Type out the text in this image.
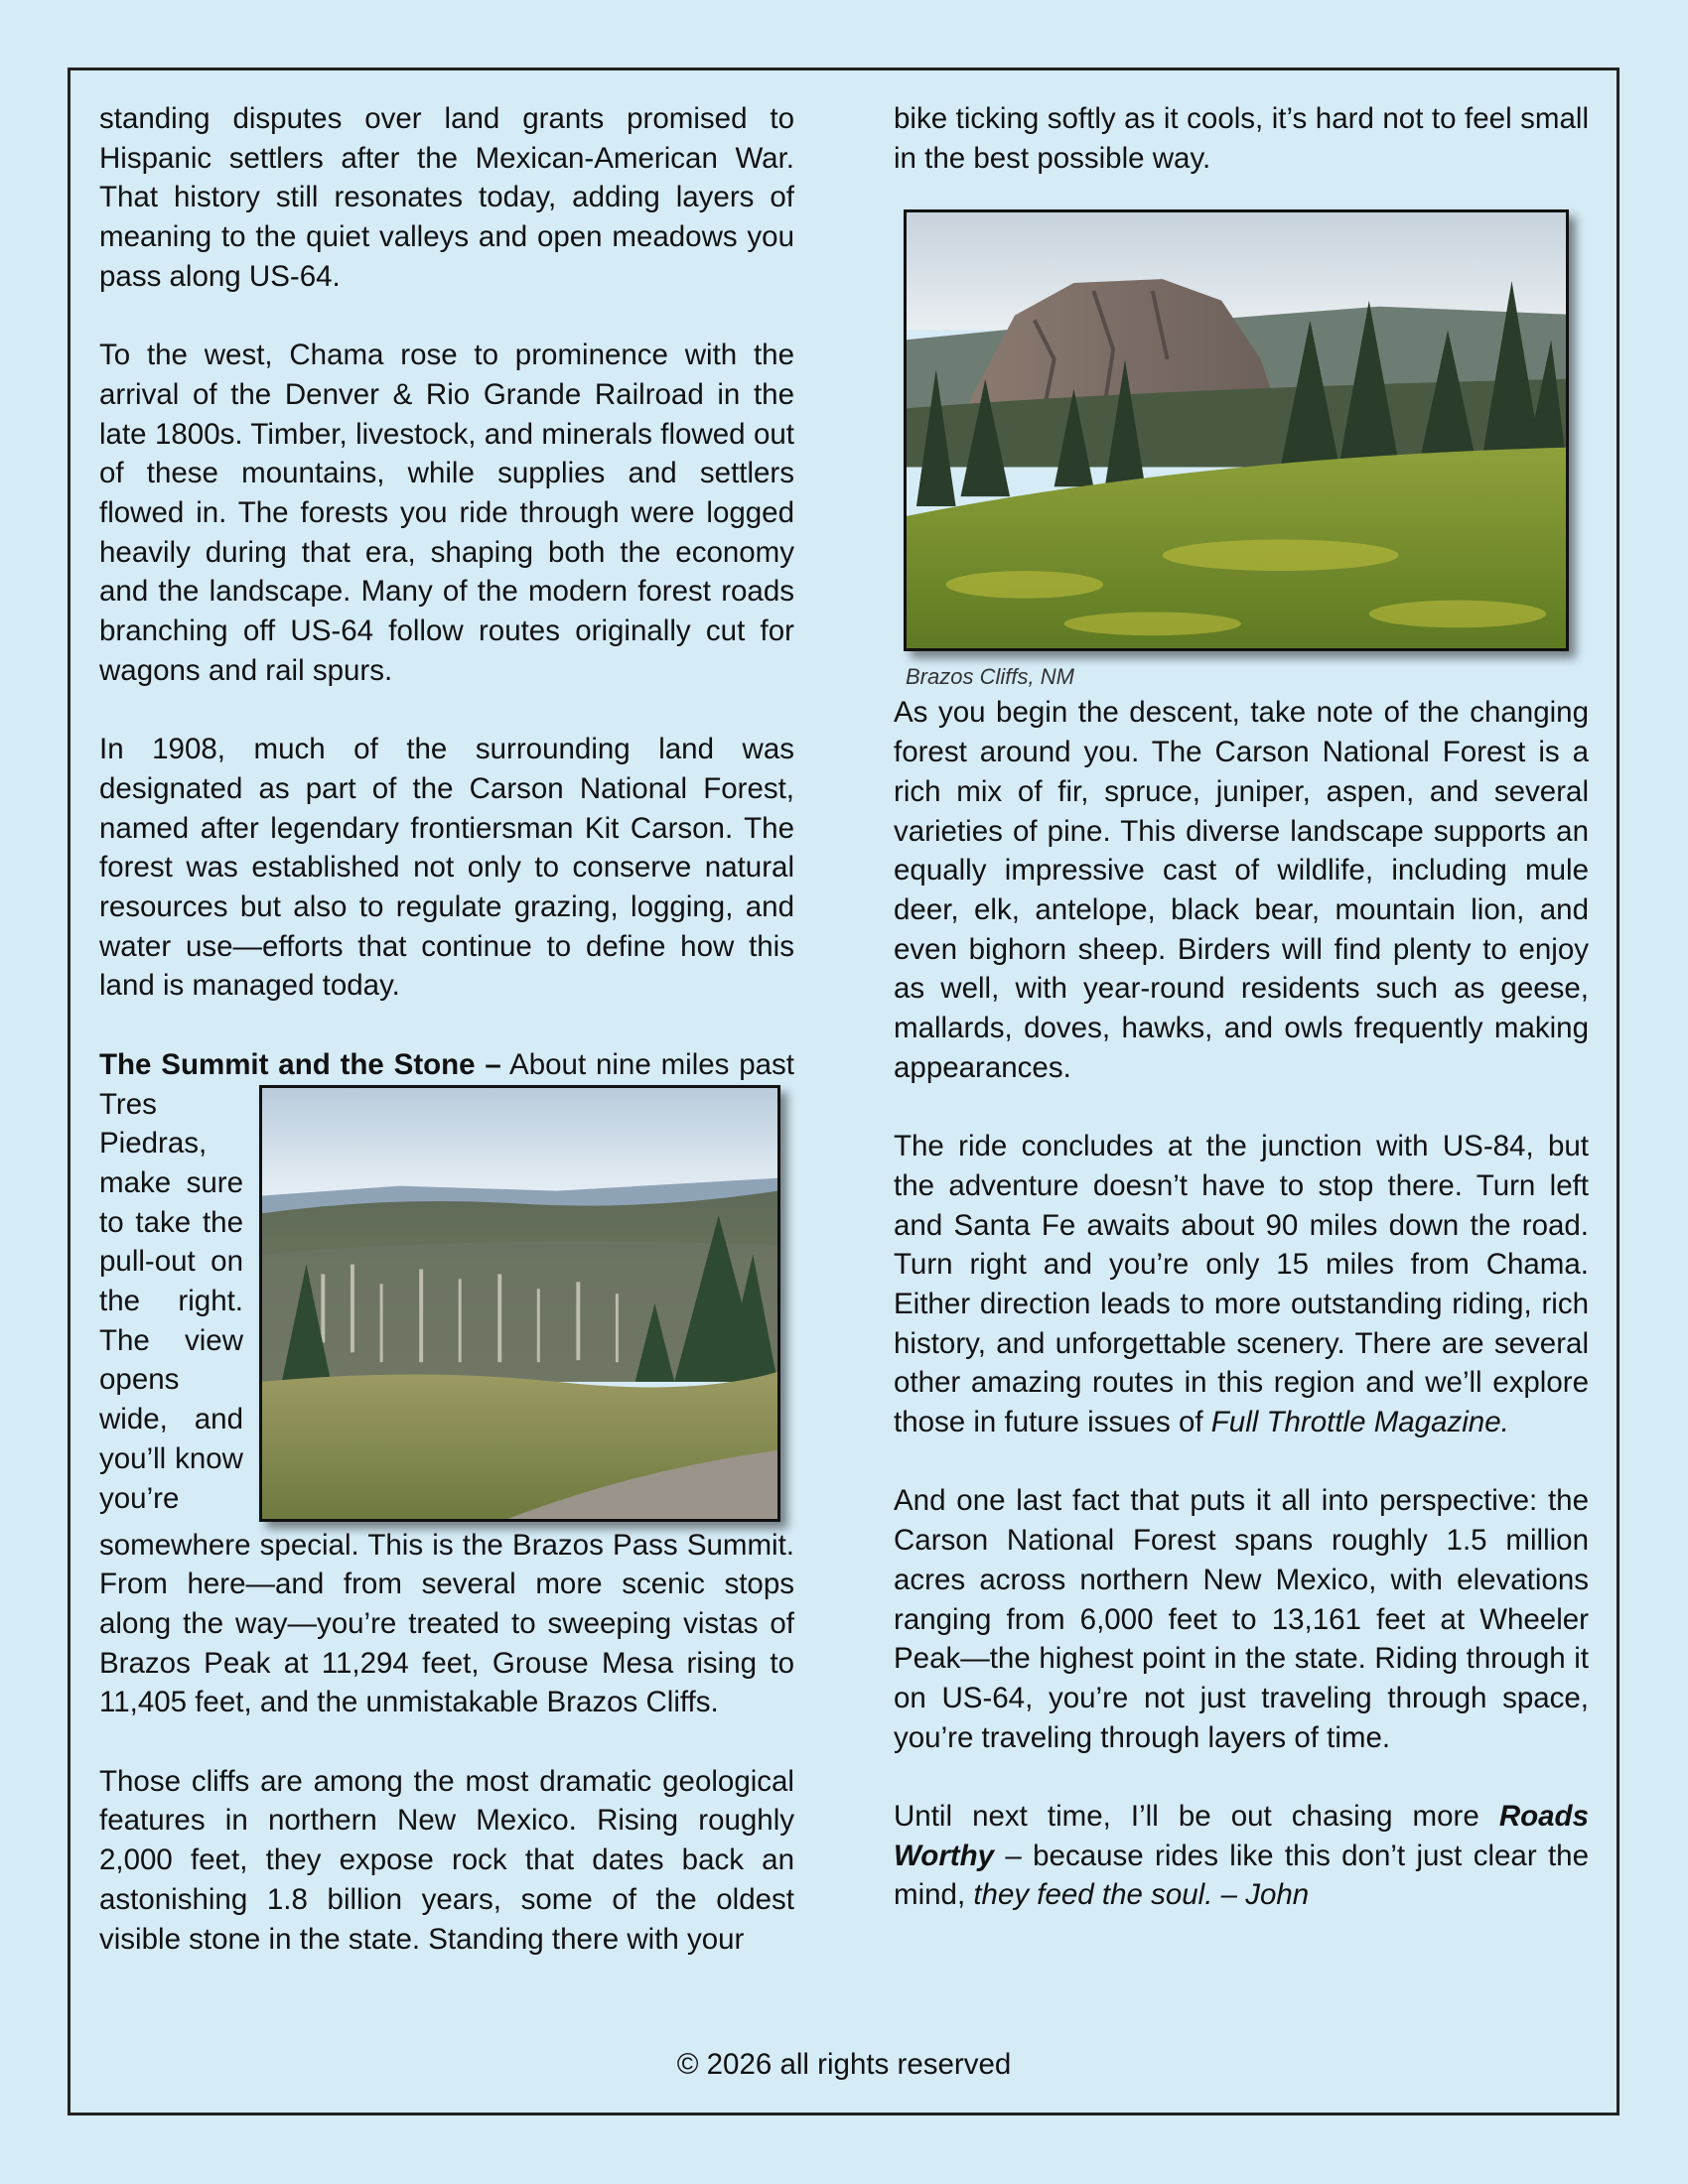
standing disputes over land grants promised to Hispanic settlers after the Mexican-American War. That history still resonates today, adding layers of meaning to the quiet valleys and open meadows you pass along US-64.

To the west, Chama rose to prominence with the arrival of the Denver & Rio Grande Railroad in the late 1800s. Timber, livestock, and minerals flowed out of these mountains, while supplies and settlers flowed in. The forests you ride through were logged heavily during that era, shaping both the economy and the landscape. Many of the modern forest roads branching off US-64 follow routes originally cut for wagons and rail spurs.

In 1908, much of the surrounding land was designated as part of the Carson National Forest, named after legendary frontiersman Kit Carson. The forest was established not only to conserve natural resources but also to regulate grazing, logging, and water use—efforts that continue to define how this land is managed today.

The Summit and the Stone –
About nine miles past Tres Piedras, make sure to take the pull-out on the right. The view opens wide, and you’ll know you’re somewhere special. This is the Brazos Pass Summit. From here—and from several more scenic stops along the way—you’re treated to sweeping vistas of Brazos Peak at 11,294 feet, Grouse Mesa rising to 11,405 feet, and the unmistakable Brazos Cliffs.

Those cliffs are among the most dramatic geological features in northern New Mexico. Rising roughly 2,000 feet, they expose rock that dates back an astonishing 1.8 billion years, some of the oldest visible stone in the state. Standing there with your

bike ticking softly as it cools, it’s hard not to feel small in the best possible way.

Brazos Cliffs, NM

As you begin the descent, take note of the changing forest around you. The Carson National Forest is a rich mix of fir, spruce, juniper, aspen, and several varieties of pine. This diverse landscape supports an equally impressive cast of wildlife, including mule deer, elk, antelope, black bear, mountain lion, and even bighorn sheep. Birders will find plenty to enjoy as well, with year-round residents such as geese, mallards, doves, hawks, and owls frequently making appearances.

The ride concludes at the junction with US-84, but the adventure doesn’t have to stop there. Turn left and Santa Fe awaits about 90 miles down the road. Turn right and you’re only 15 miles from Chama. Either direction leads to more outstanding riding, rich history, and unforgettable scenery. There are several other amazing routes in this region and we’ll explore those in future issues of Full Throttle Magazine.

And one last fact that puts it all into perspective: the Carson National Forest spans roughly 1.5 million acres across northern New Mexico, with elevations ranging from 6,000 feet to 13,161 feet at Wheeler Peak—the highest point in the state. Riding through it on US-64, you’re not just traveling through space, you’re traveling through layers of time.

Until next time, I’ll be out chasing more Roads Worthy – because rides like this don’t just clear the mind, they feed the soul. – John

© 2026 all rights reserved
